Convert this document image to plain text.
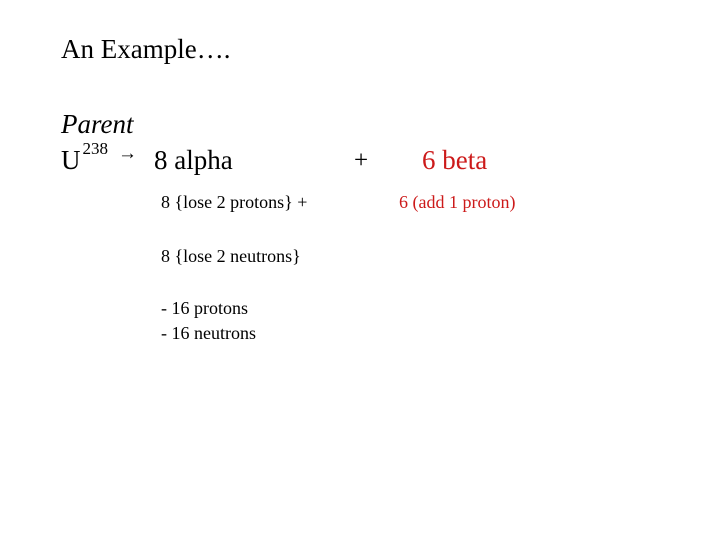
An Example….
Parent
U $^{238}$ → 8 alpha	+ 6 beta
8 {lose 2 protons} +	6 (add 1 proton)
8 {lose 2 neutrons}
- 16 protons
- 16 neutrons
